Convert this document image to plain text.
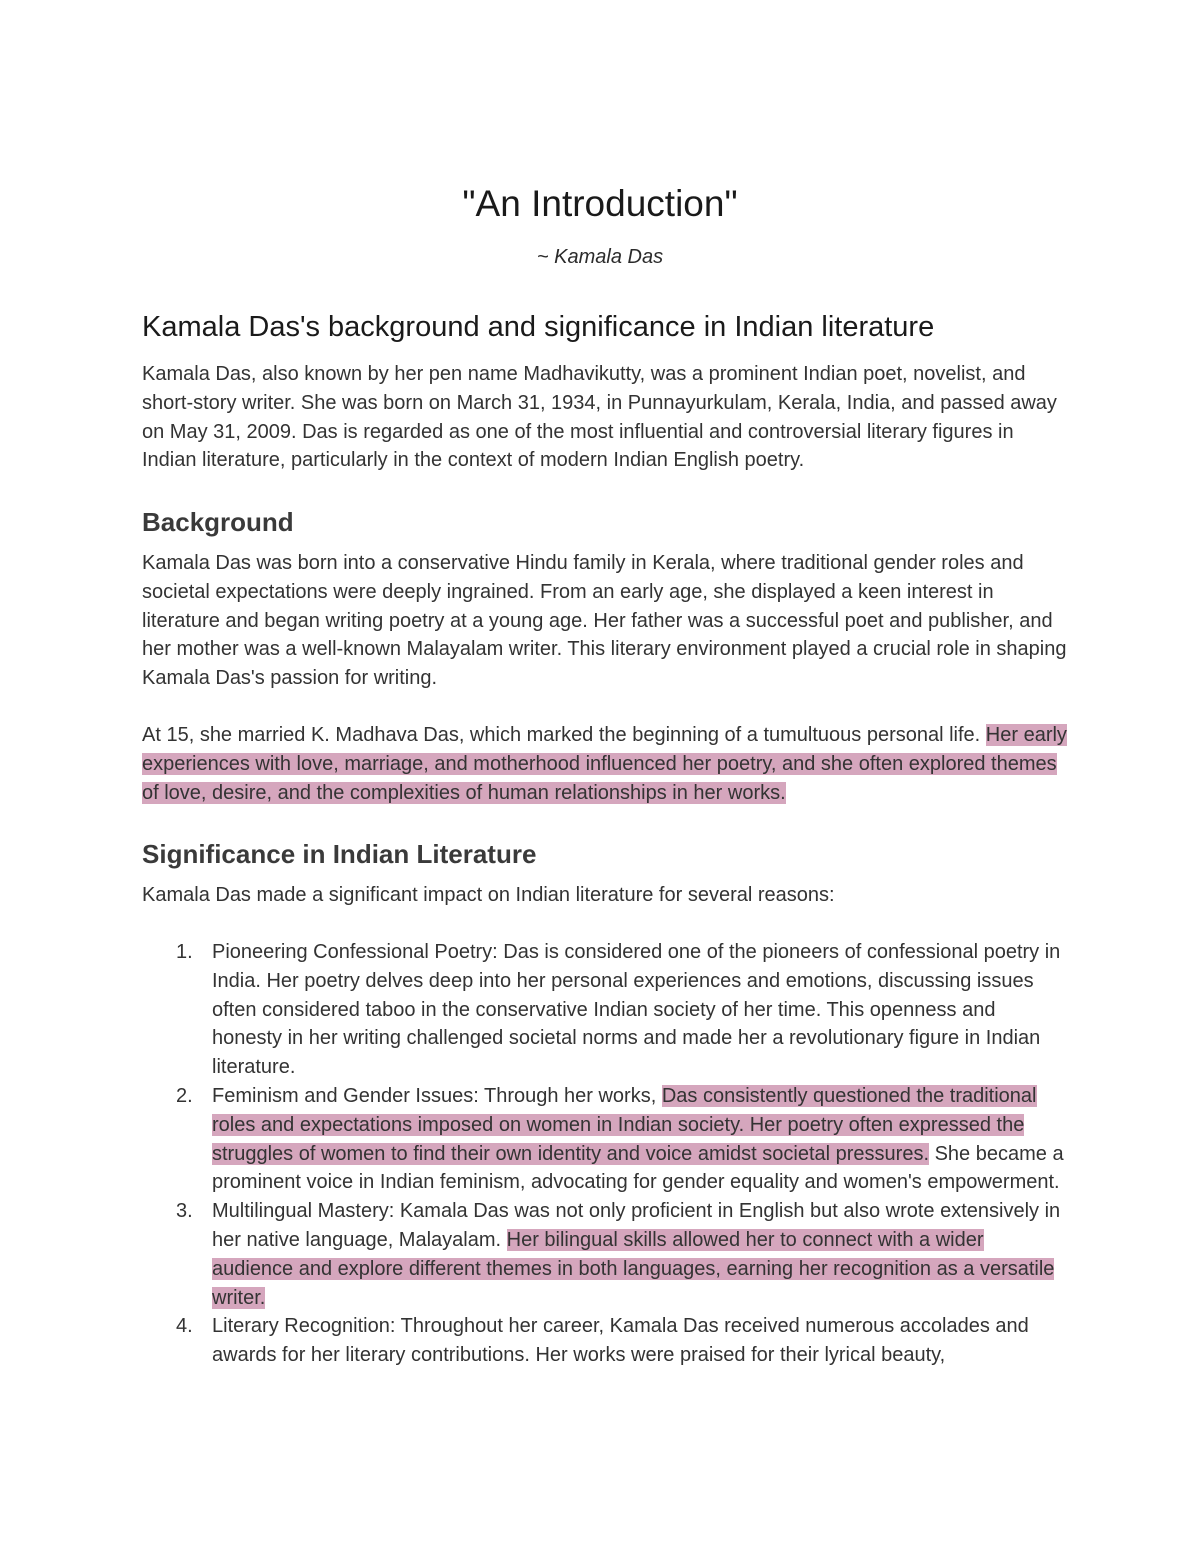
"An Introduction"
~ Kamala Das
Kamala Das's background and significance in Indian literature

Kamala Das, also known by her pen name Madhavikutty, was a prominent Indian poet, novelist, and short-story writer. She was born on March 31, 1934, in Punnayurkulam, Kerala, India, and passed away on May 31, 2009. Das is regarded as one of the most influential and controversial literary figures in Indian literature, particularly in the context of modern Indian English poetry.

Background

Kamala Das was born into a conservative Hindu family in Kerala, where traditional gender roles and societal expectations were deeply ingrained. From an early age, she displayed a keen interest in literature and began writing poetry at a young age. Her father was a successful poet and publisher, and her mother was a well-known Malayalam writer. This literary environment played a crucial role in shaping Kamala Das's passion for writing.

At 15, she married K. Madhava Das, which marked the beginning of a tumultuous personal life. Her early experiences with love, marriage, and motherhood influenced her poetry, and she often explored themes of love, desire, and the complexities of human relationships in her works.

Significance in Indian Literature

Kamala Das made a significant impact on Indian literature for several reasons:

1. Pioneering Confessional Poetry: Das is considered one of the pioneers of confessional poetry in India. Her poetry delves deep into her personal experiences and emotions, discussing issues often considered taboo in the conservative Indian society of her time. This openness and honesty in her writing challenged societal norms and made her a revolutionary figure in Indian literature.
2. Feminism and Gender Issues: Through her works, Das consistently questioned the traditional roles and expectations imposed on women in Indian society. Her poetry often expressed the struggles of women to find their own identity and voice amidst societal pressures. She became a prominent voice in Indian feminism, advocating for gender equality and women's empowerment.
3. Multilingual Mastery: Kamala Das was not only proficient in English but also wrote extensively in her native language, Malayalam. Her bilingual skills allowed her to connect with a wider audience and explore different themes in both languages, earning her recognition as a versatile writer.
4. Literary Recognition: Throughout her career, Kamala Das received numerous accolades and awards for her literary contributions. Her works were praised for their lyrical beauty,
